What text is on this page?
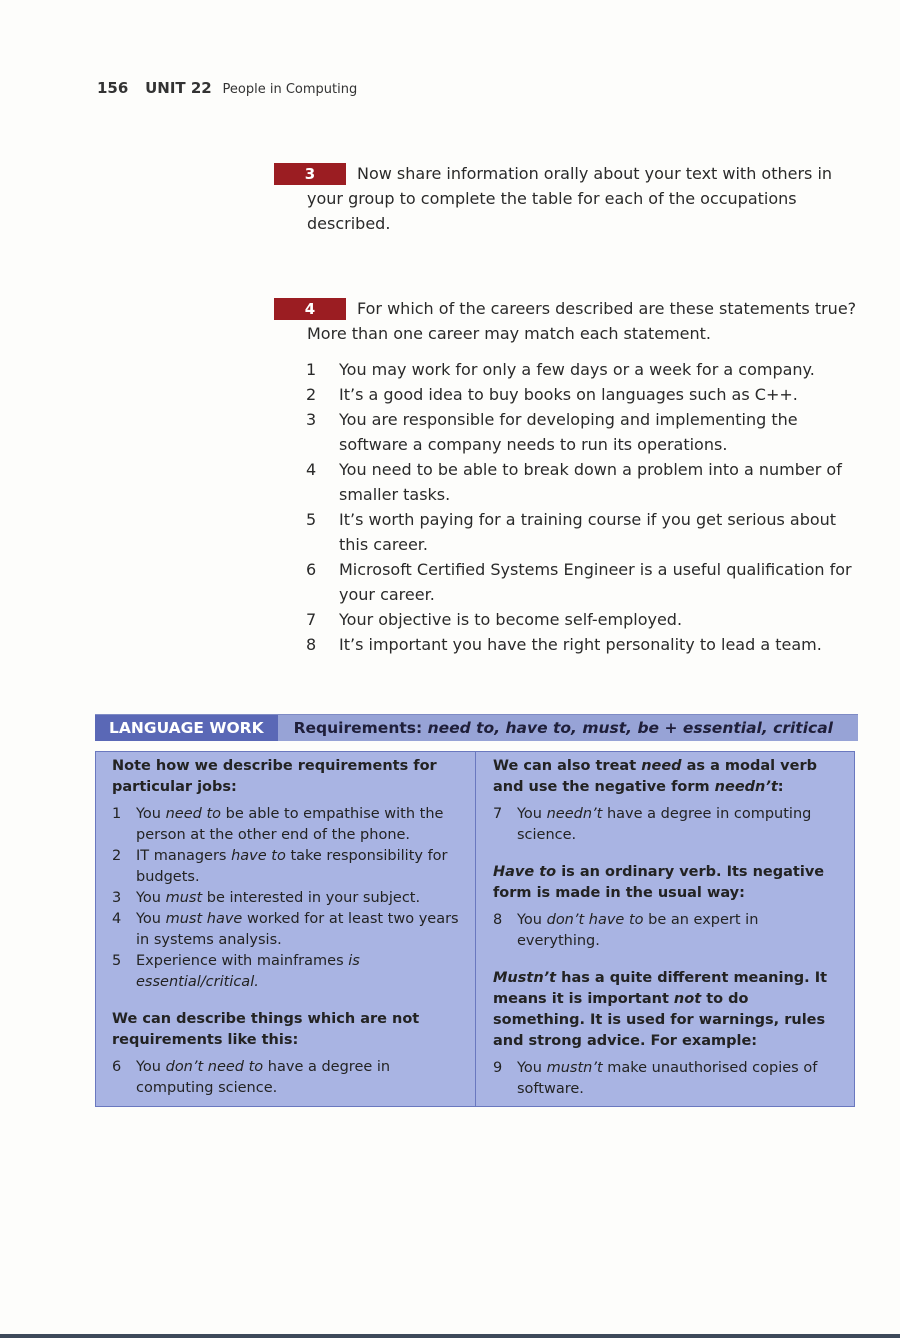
156 UNIT 22 People in Computing
3	Now share information orally about your text with others in
your group to complete the table for each of the occupations
described.
4	For which of the careers described are these statements true?
More than one career may match each statement.
1	You may work for only a few days or a week for a company.
2	It’s a good idea to buy books on languages such as C++.
3	You are responsible for developing and implementing the
software a company needs to run its operations.
4	You need to be able to break down a problem into a number of
smaller tasks.
5	It’s worth paying for a training course if you get serious about
this career.
6	Microsoft Certified Systems Engineer is a useful qualification for
your career.
7	Your objective is to become self-employed.
8	It’s important you have the right personality to lead a team.
LANGUAGE WORK	Requirements: need to, have to, must, be + essential, critical

Note how we describe requirements for particular jobs:

1	You need to be able to empathise with the person at the other end of the phone.
2	IT managers have to take responsibility for budgets.
3	You must be interested in your subject.
4	You must have worked for at least two years in systems analysis.
5	Experience with mainframes is essential/critical.

We can describe things which are not requirements like this:

6	You don’t need to have a degree in computing science.

We can also treat need as a modal verb and use the negative form needn’t:

7	You needn’t have a degree in computing science.

Have to is an ordinary verb. Its negative form is made in the usual way:

8	You don’t have to be an expert in everything.

Mustn’t has a quite different meaning. It means it is important not to do something. It is used for warnings, rules and strong advice. For example:

9	You mustn’t make unauthorised copies of software.
